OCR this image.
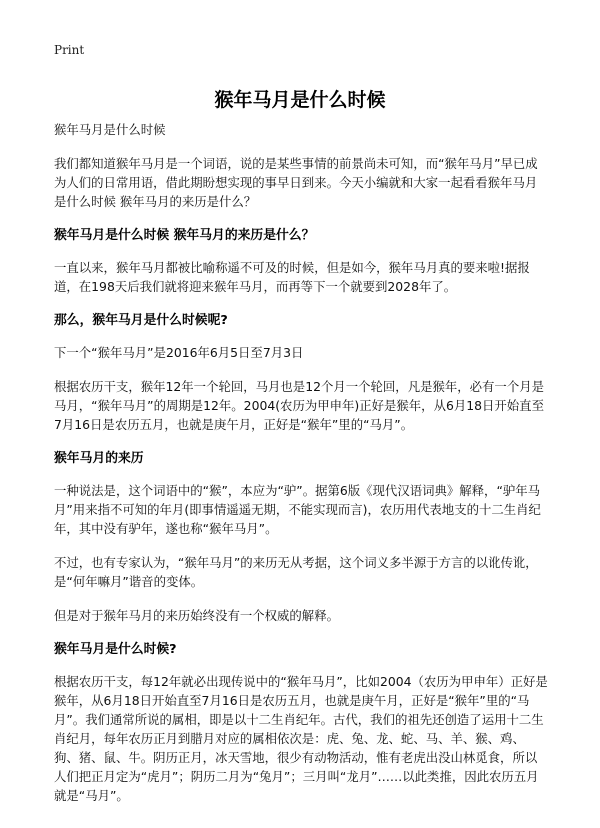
Print
猴年马月是什么时候

猴年马月是什么时候

我们都知道猴年马月是一个词语，说的是某些事情的前景尚未可知，而“猴年马月”早已成为人们的日常用语，借此期盼想实现的事早日到来。今天小编就和大家一起看看猴年马月是什么时候 猴年马月的来历是什么？

猴年马月是什么时候 猴年马月的来历是什么？

一直以来，猴年马月都被比喻称遥不可及的时候，但是如今，猴年马月真的要来啦!据报道，在198天后我们就将迎来猴年马月，而再等下一个就要到2028年了。

那么，猴年马月是什么时候呢?

下一个“猴年马月”是2016年6月5日至7月3日

根据农历干支，猴年12年一个轮回，马月也是12个月一个轮回，凡是猴年，必有一个月是马月，“猴年马月”的周期是12年。2004(农历为甲申年)正好是猴年，从6月18日开始直至7月16日是农历五月，也就是庚午月，正好是“猴年”里的“马月”。

猴年马月的来历

一种说法是，这个词语中的“猴”，本应为“驴”。据第6版《现代汉语词典》解释，“驴年马月”用来指不可知的年月(即事情遥遥无期，不能实现而言)，农历用代表地支的十二生肖纪年，其中没有驴年，遂也称“猴年马月”。

不过，也有专家认为，“猴年马月”的来历无从考据，这个词义多半源于方言的以讹传讹，是“何年嘛月”谐音的变体。

但是对于猴年马月的来历始终没有一个权威的解释。

猴年马月是什么时候?

根据农历干支，每12年就必出现传说中的“猴年马月”，比如2004（农历为甲申年）正好是猴年，从6月18日开始直至7月16日是农历五月，也就是庚午月，正好是“猴年”里的“马月”。我们通常所说的属相，即是以十二生肖纪年。古代，我们的祖先还创造了运用十二生肖纪月，每年农历正月到腊月对应的属相依次是：虎、兔、龙、蛇、马、羊、猴、鸡、狗、猪、鼠、牛。阴历正月，冰天雪地，很少有动物活动，惟有老虎出没山林觅食，所以人们把正月定为“虎月”；阴历二月为“兔月”；三月叫“龙月”……以此类推，因此农历五月就是“马月”。
